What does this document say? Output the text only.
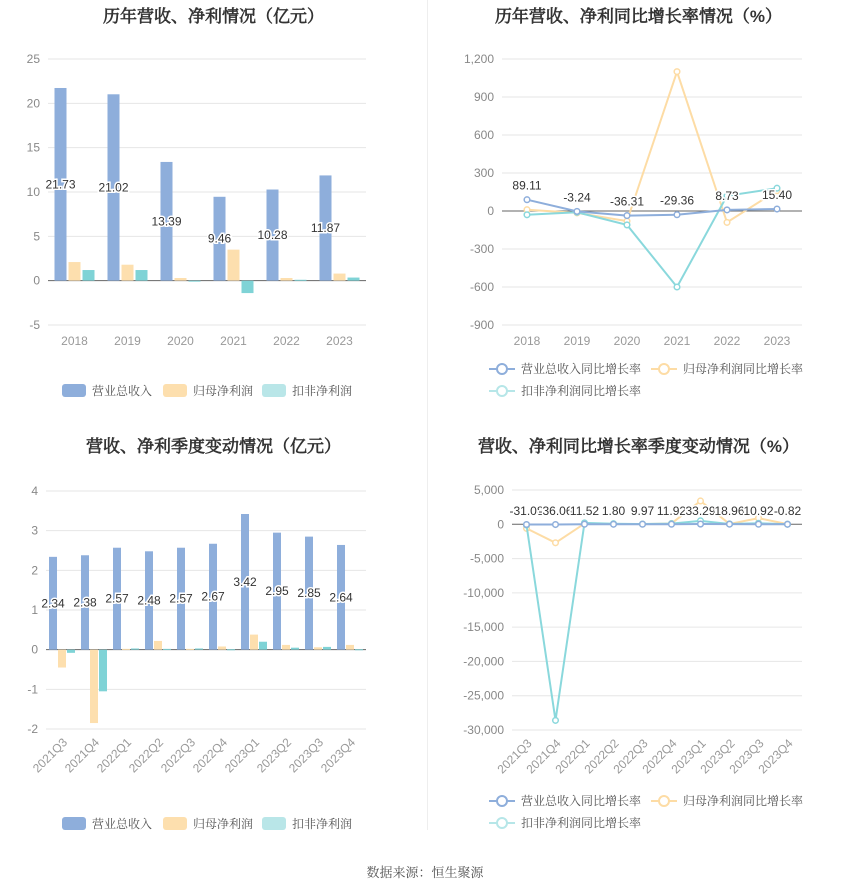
历年营收、净利情况（亿元）
-5
0
5
10
15
20
25
2018 2019 2020 2021 2022 2023
21.73 21.02
13.39
9.46 10.28
11.87
营业总收入	归母净利润	扣非净利润
历年营收、净利同比增长率情况（%）
-900
-600
-300
0
300
600
900
1,200
2018 2019 2020 2021 2022 2023
89.11
-3.24 -36.31 -29.36 8.73 15.40
营业总收入同比增长率	归母净利润同比增长率
扣非净利润同比增长率
营收、净利季度变动情况（亿元）
-2
-1
0
1
2
3
4
2021Q3
2021Q4
2022Q1
2022Q2
2022Q3
2022Q4
2023Q1
2023Q2
2023Q3
2023Q4
2.34 2.38 2.57 2.48 2.57 2.67
3.42
2.95 2.85 2.64
营业总收入	归母净利润	扣非净利润
营收、净利同比增长率季度变动情况（%）
-30,000
-25,000
-20,000
-15,000
-10,000
-5,000
0
5,000
2021Q3
2021Q4
2022Q1
2022Q2
2022Q3
2022Q4
2023Q1
2023Q2
2023Q3
2023Q4
-31.08
-36.06
11.52 1.80 9.97 11.92 33.29
18.96
10.92 -0.82
营业总收入同比增长率	归母净利润同比增长率
扣非净利润同比增长率
数据来源：恒生聚源
